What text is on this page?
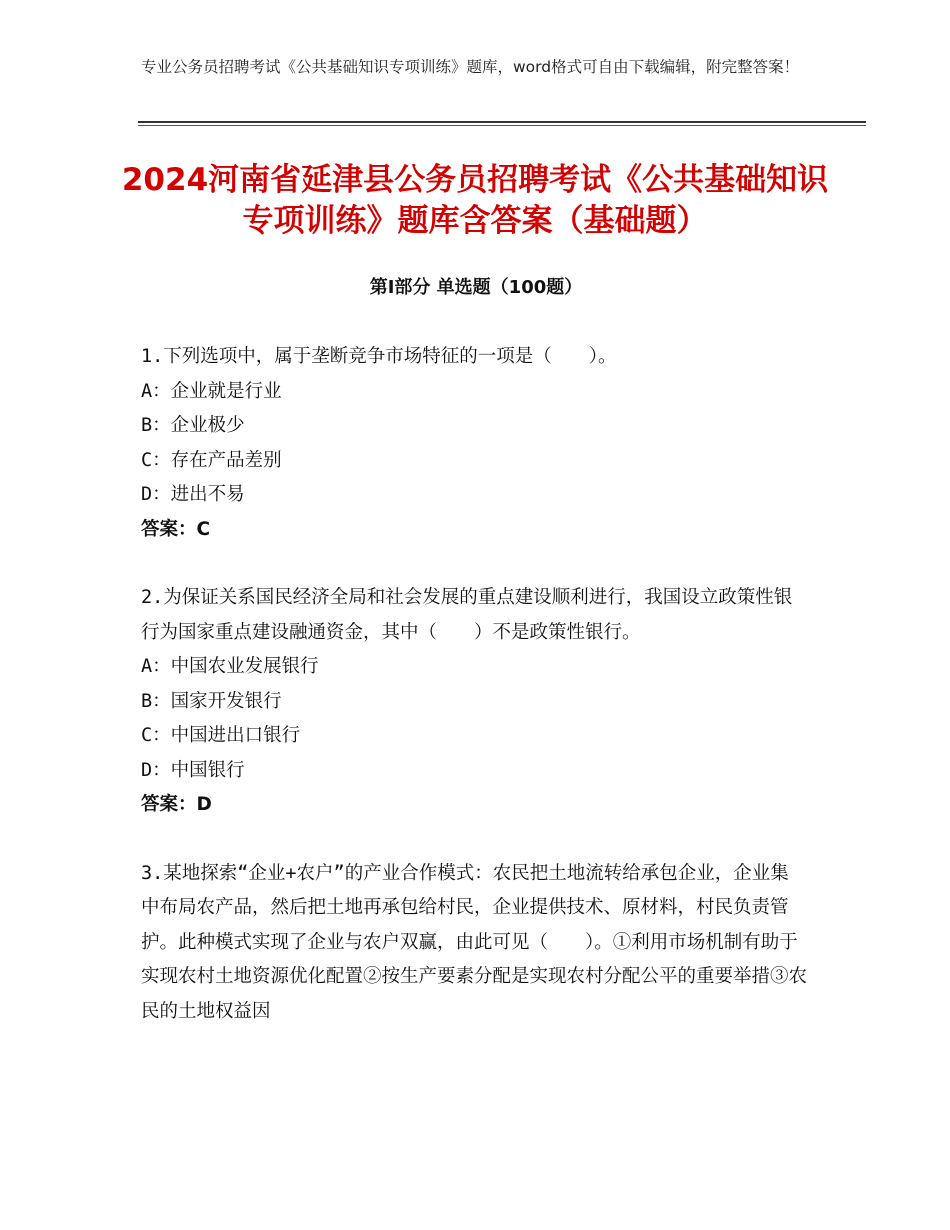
专业公务员招聘考试《公共基础知识专项训练》题库，word格式可自由下载编辑，附完整答案！
2024河南省延津县公务员招聘考试《公共基础知识专项训练》题库含答案（基础题）
第Ⅰ部分 单选题（100题）
1.下列选项中，属于垄断竞争市场特征的一项是（　　）。
A：企业就是行业
B：企业极少
C：存在产品差别
D：进出不易
答案：C
2.为保证关系国民经济全局和社会发展的重点建设顺利进行，我国设立政策性银行为国家重点建设融通资金，其中（　　）不是政策性银行。
A：中国农业发展银行
B：国家开发银行
C：中国进出口银行
D：中国银行
答案：D
3.某地探索“企业+农户”的产业合作模式：农民把土地流转给承包企业，企业集中布局农产品，然后把土地再承包给村民，企业提供技术、原材料，村民负责管护。此种模式实现了企业与农户双赢，由此可见（　　）。①利用市场机制有助于实现农村土地资源优化配置②按生产要素分配是实现农村分配公平的重要举措③农民的土地权益因
